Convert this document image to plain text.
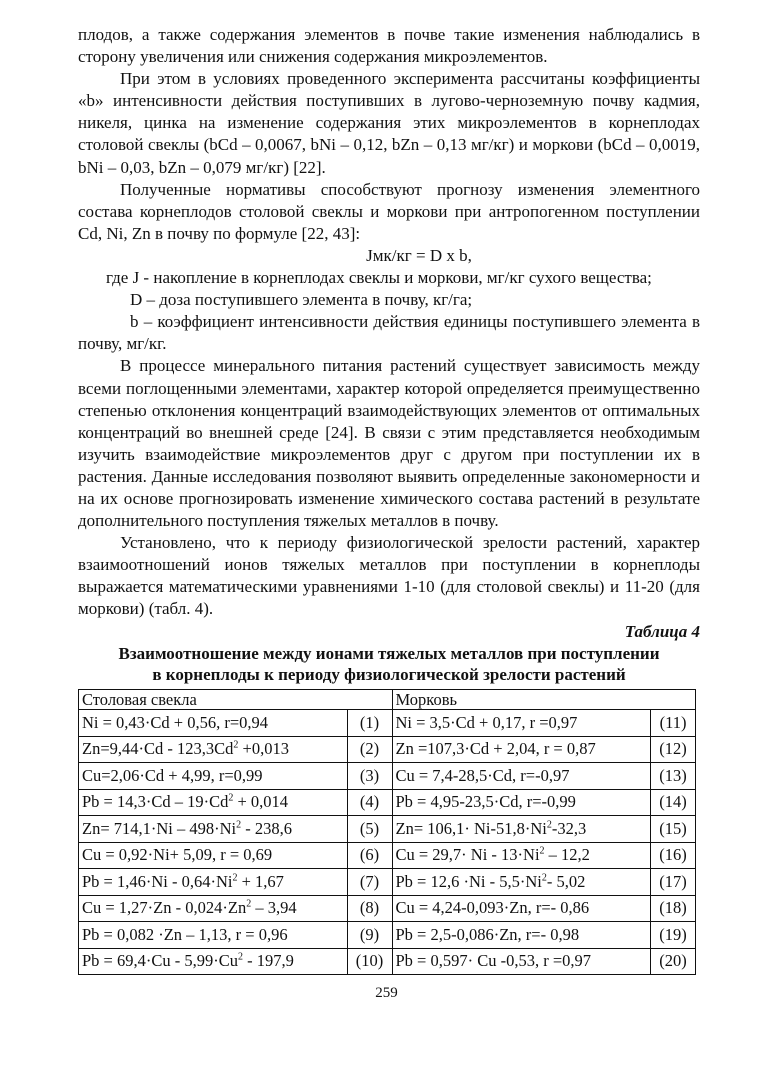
плодов, а также содержания элементов в почве такие изменения наблюдались в сторону увеличения или снижения содержания микроэлементов.

При этом в условиях проведенного эксперимента рассчитаны коэффициенты «b» интенсивности действия поступивших в лугово-черноземную почву кадмия, никеля, цинка на изменение содержания этих микроэлементов в корнеплодах столовой свеклы (bCd – 0,0067, bNi – 0,12, bZn – 0,13 мг/кг) и моркови (bCd – 0,0019, bNi – 0,03, bZn – 0,079 мг/кг) [22].

Полученные нормативы способствуют прогнозу изменения элементного состава корнеплодов столовой свеклы и моркови при антропогенном поступлении Cd, Ni, Zn в почву по формуле [22, 43]:

Jмк/кг = D x b,

где J - накопление в корнеплодах свеклы и моркови, мг/кг сухого вещества;

D – доза поступившего элемента в почву, кг/га;

b – коэффициент интенсивности действия единицы поступившего элемента в почву, мг/кг.

В процессе минерального питания растений существует зависимость между всеми поглощенными элементами, характер которой определяется преимущественно степенью отклонения концентраций взаимодействующих элементов от оптимальных концентраций во внешней среде [24]. В связи с этим представляется необходимым изучить взаимодействие микроэлементов друг с другом при поступлении их в растения. Данные исследования позволяют выявить определенные закономерности и на их основе прогнозировать изменение химического состава растений в результате дополнительного поступления тяжелых металлов в почву.

Установлено, что к периоду физиологической зрелости растений, характер взаимоотношений ионов тяжелых металлов при поступлении в корнеплоды выражается математическими уравнениями 1-10 (для столовой свеклы) и 11-20 (для моркови) (табл. 4).

Таблица 4

Взаимоотношение между ионами тяжелых металлов при поступлении

в корнеплоды к периоду физиологической зрелости растений

Столовая свекла		Морковь	
Ni = 0,43·Cd + 0,56, r=0,94	(1)	Ni = 3,5·Cd + 0,17, r =0,97	(11)
$Zn=9,44\cdot Cd - 123,3Cd^2 +0,013$	(2)	Zn =107,3·Cd + 2,04, r = 0,87	(12)
Cu=2,06·Cd + 4,99, r=0,99	(3)	Cu = 7,4-28,5·Cd, r=-0,97	(13)
$Pb = 14,3\cdot Cd - 19\cdot Cd^2 + 0,014$	(4)	Pb = 4,95-23,5·Cd, r=-0,99	(14)
$Zn= 714,1\cdot Ni - 498\cdot Ni^2 - 238,6$	(5)	$Zn= 106,1\cdot Ni-51,8\cdot Ni^2-32,3$	(15)
Cu = 0,92·Ni+ 5,09, r = 0,69	(6)	$Cu = 29,7\cdot Ni - 13\cdot Ni^2 - 12,2$	(16)
$Pb = 1,46\cdot Ni - 0,64\cdot Ni^2 + 1,67$	(7)	$Pb = 12,6 \cdot Ni - 5,5\cdot Ni^2-$ 5,02	(17)
$Cu = 1,27\cdot Zn - 0,024\cdot Zn^2 - 3,94$	(8)	Cu = 4,24-0,093·Zn, r=- 0,86	(18)
Pb = 0,082 ·Zn – 1,13, r = 0,96	(9)	Pb = 2,5-0,086·Zn, r=- 0,98	(19)
$Pb = 69,4\cdot Cu - 5,99\cdot Cu^2 - 197,9$	(10)	Pb = 0,597· Cu -0,53, r =0,97	(20)
259
